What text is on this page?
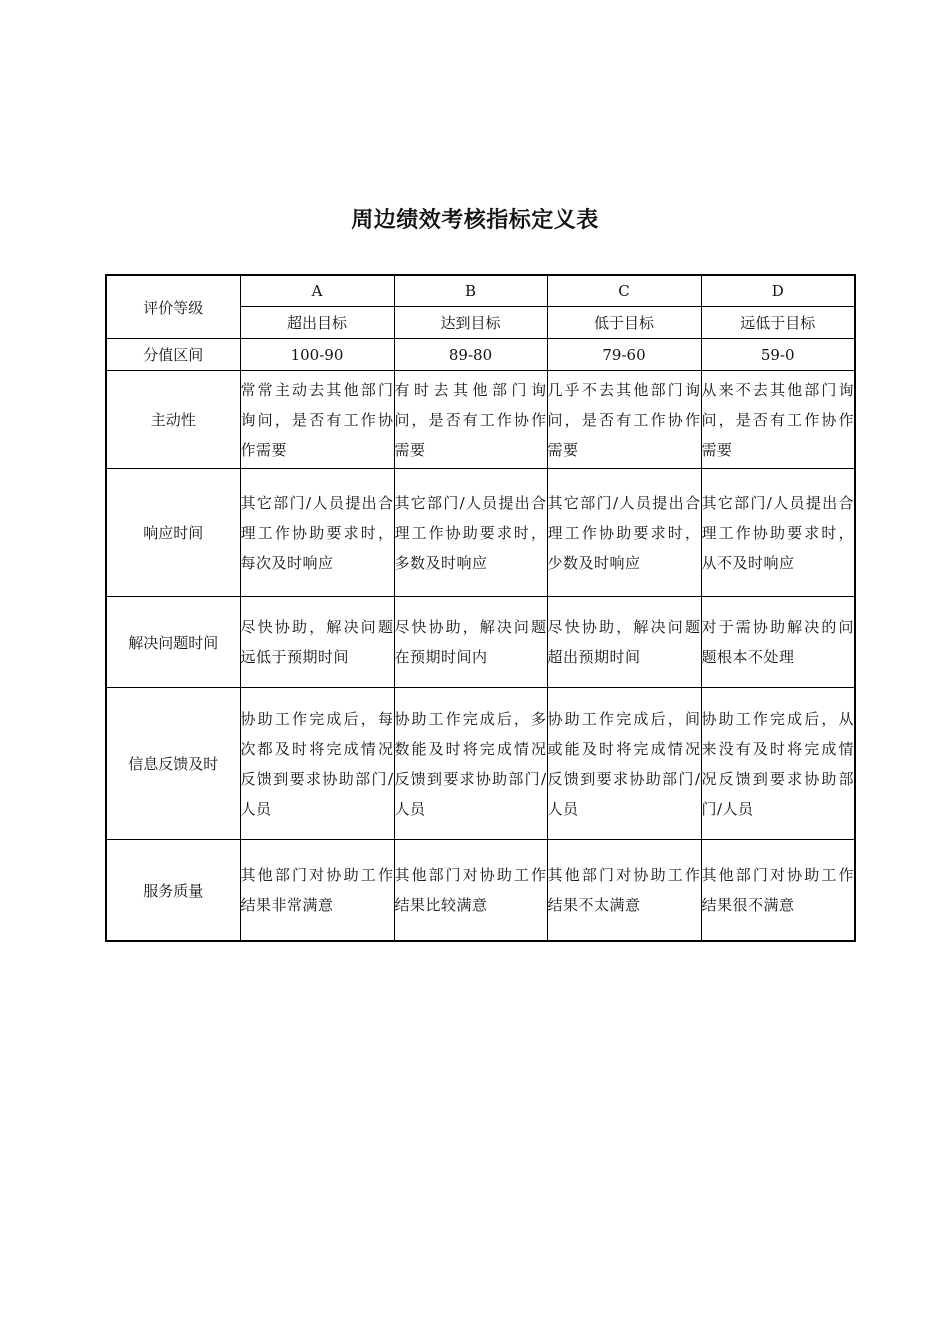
周边绩效考核指标定义表
评价等级	A	B	C	D
	超出目标	达到目标	低于目标	远低于目标
分值区间	100-90	89-80	79-60	59-0
主动性	常常主动去其他部门询问，是否有工作协作需要	有时去其他部门询问，是否有工作协作需要	几乎不去其他部门询问，是否有工作协作需要	从来不去其他部门询问，是否有工作协作需要
响应时间	其它部门/人员提出合理工作协助要求时，每次及时响应	其它部门/人员提出合理工作协助要求时，多数及时响应	其它部门/人员提出合理工作协助要求时，少数及时响应	其它部门/人员提出合理工作协助要求时，从不及时响应
解决问题时间	尽快协助，解决问题远低于预期时间	尽快协助，解决问题在预期时间内	尽快协助，解决问题超出预期时间	对于需协助解决的问题根本不处理
信息反馈及时	协助工作完成后，每次都及时将完成情况反馈到要求协助部门/人员	协助工作完成后，多数能及时将完成情况反馈到要求协助部门/人员	协助工作完成后，间或能及时将完成情况反馈到要求协助部门/人员	协助工作完成后，从来没有及时将完成情况反馈到要求协助部门/人员
服务质量	其他部门对协助工作结果非常满意	其他部门对协助工作结果比较满意	其他部门对协助工作结果不太满意	其他部门对协助工作结果很不满意
